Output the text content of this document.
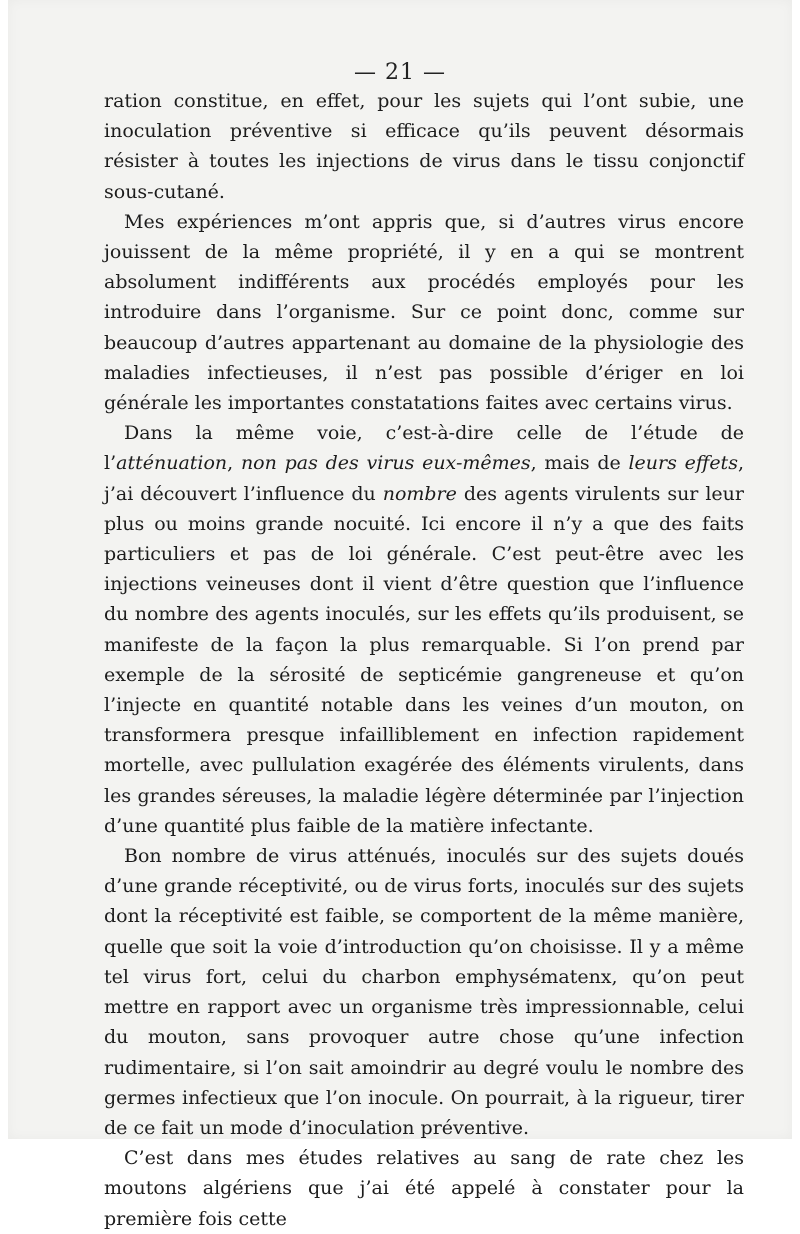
— 21 —

ration constitue, en effet, pour les sujets qui l’ont subie, une inoculation préventive si efficace qu’ils peuvent désormais résister à toutes les injections de virus dans le tissu conjonctif sous-cutané.

Mes expériences m’ont appris que, si d’autres virus encore jouissent de la même propriété, il y en a qui se montrent absolument indifférents aux procédés employés pour les introduire dans l’organisme. Sur ce point donc, comme sur beaucoup d’autres appartenant au domaine de la physiologie des maladies infectieuses, il n’est pas possible d’ériger en loi générale les importantes constatations faites avec certains virus.

Dans la même voie, c’est-à-dire celle de l’étude de l’atténuation, non pas des virus eux-mêmes, mais de leurs effets, j’ai découvert l’influence du nombre des agents virulents sur leur plus ou moins grande nocuité. Ici encore il n’y a que des faits particuliers et pas de loi générale. C’est peut-être avec les injections veineuses dont il vient d’être question que l’influence du nombre des agents inoculés, sur les effets qu’ils produisent, se manifeste de la façon la plus remarquable. Si l’on prend par exemple de la sérosité de septicémie gangreneuse et qu’on l’injecte en quantité notable dans les veines d’un mouton, on transformera presque infailliblement en infection rapidement mortelle, avec pullulation exagérée des éléments virulents, dans les grandes séreuses, la maladie légère déterminée par l’injection d’une quantité plus faible de la matière infectante.

Bon nombre de virus atténués, inoculés sur des sujets doués d’une grande réceptivité, ou de virus forts, inoculés sur des sujets dont la réceptivité est faible, se comportent de la même manière, quelle que soit la voie d’introduction qu’on choisisse. Il y a même tel virus fort, celui du charbon emphysématenx, qu’on peut mettre en rapport avec un organisme très impressionnable, celui du mouton, sans provoquer autre chose qu’une infection rudimentaire, si l’on sait amoindrir au degré voulu le nombre des germes infectieux que l’on inocule. On pourrait, à la rigueur, tirer de ce fait un mode d’inoculation préventive.

C’est dans mes études relatives au sang de rate chez les moutons algériens que j’ai été appelé à constater pour la première fois cette
